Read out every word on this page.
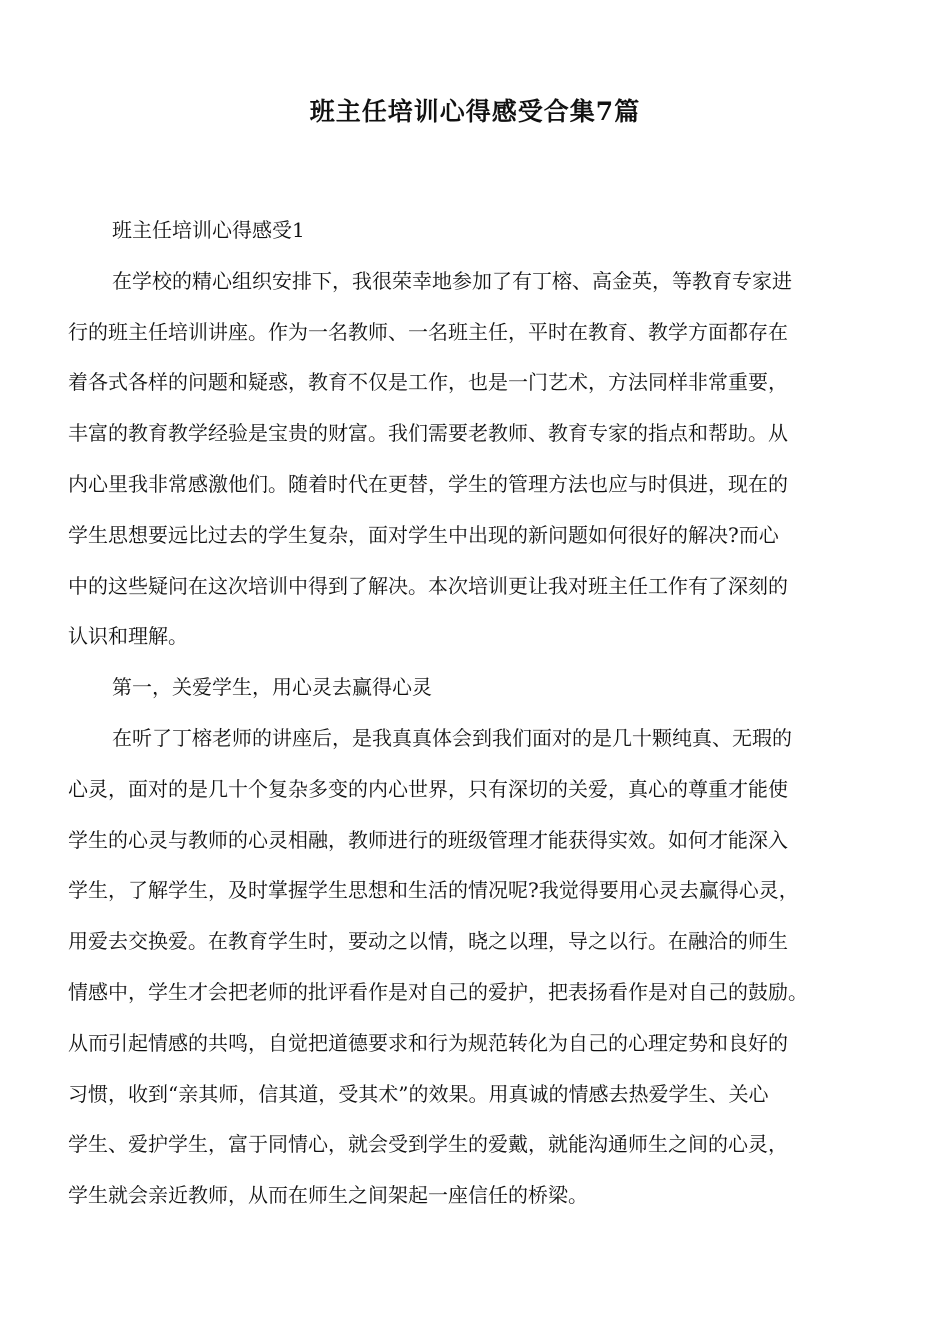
班主任培训心得感受合集7篇
班主任培训心得感受1
在学校的精心组织安排下，我很荣幸地参加了有丁榕、高金英，等教育专家进
行的班主任培训讲座。作为一名教师、一名班主任，平时在教育、教学方面都存在
着各式各样的问题和疑惑，教育不仅是工作，也是一门艺术，方法同样非常重要，
丰富的教育教学经验是宝贵的财富。我们需要老教师、教育专家的指点和帮助。从
内心里我非常感激他们。随着时代在更替，学生的管理方法也应与时俱进，现在的
学生思想要远比过去的学生复杂，面对学生中出现的新问题如何很好的解决?而心
中的这些疑问在这次培训中得到了解决。本次培训更让我对班主任工作有了深刻的
认识和理解。
第一，关爱学生，用心灵去赢得心灵
在听了丁榕老师的讲座后，是我真真体会到我们面对的是几十颗纯真、无瑕的
心灵，面对的是几十个复杂多变的内心世界，只有深切的关爱，真心的尊重才能使
学生的心灵与教师的心灵相融，教师进行的班级管理才能获得实效。如何才能深入
学生，了解学生，及时掌握学生思想和生活的情况呢?我觉得要用心灵去赢得心灵，
用爱去交换爱。在教育学生时，要动之以情，晓之以理，导之以行。在融洽的师生
情感中，学生才会把老师的批评看作是对自己的爱护，把表扬看作是对自己的鼓励。
从而引起情感的共鸣，自觉把道德要求和行为规范转化为自己的心理定势和良好的
习惯，收到“亲其师，信其道，受其术”的效果。用真诚的情感去热爱学生、关心
学生、爱护学生，富于同情心，就会受到学生的爱戴，就能沟通师生之间的心灵，
学生就会亲近教师，从而在师生之间架起一座信任的桥梁。
